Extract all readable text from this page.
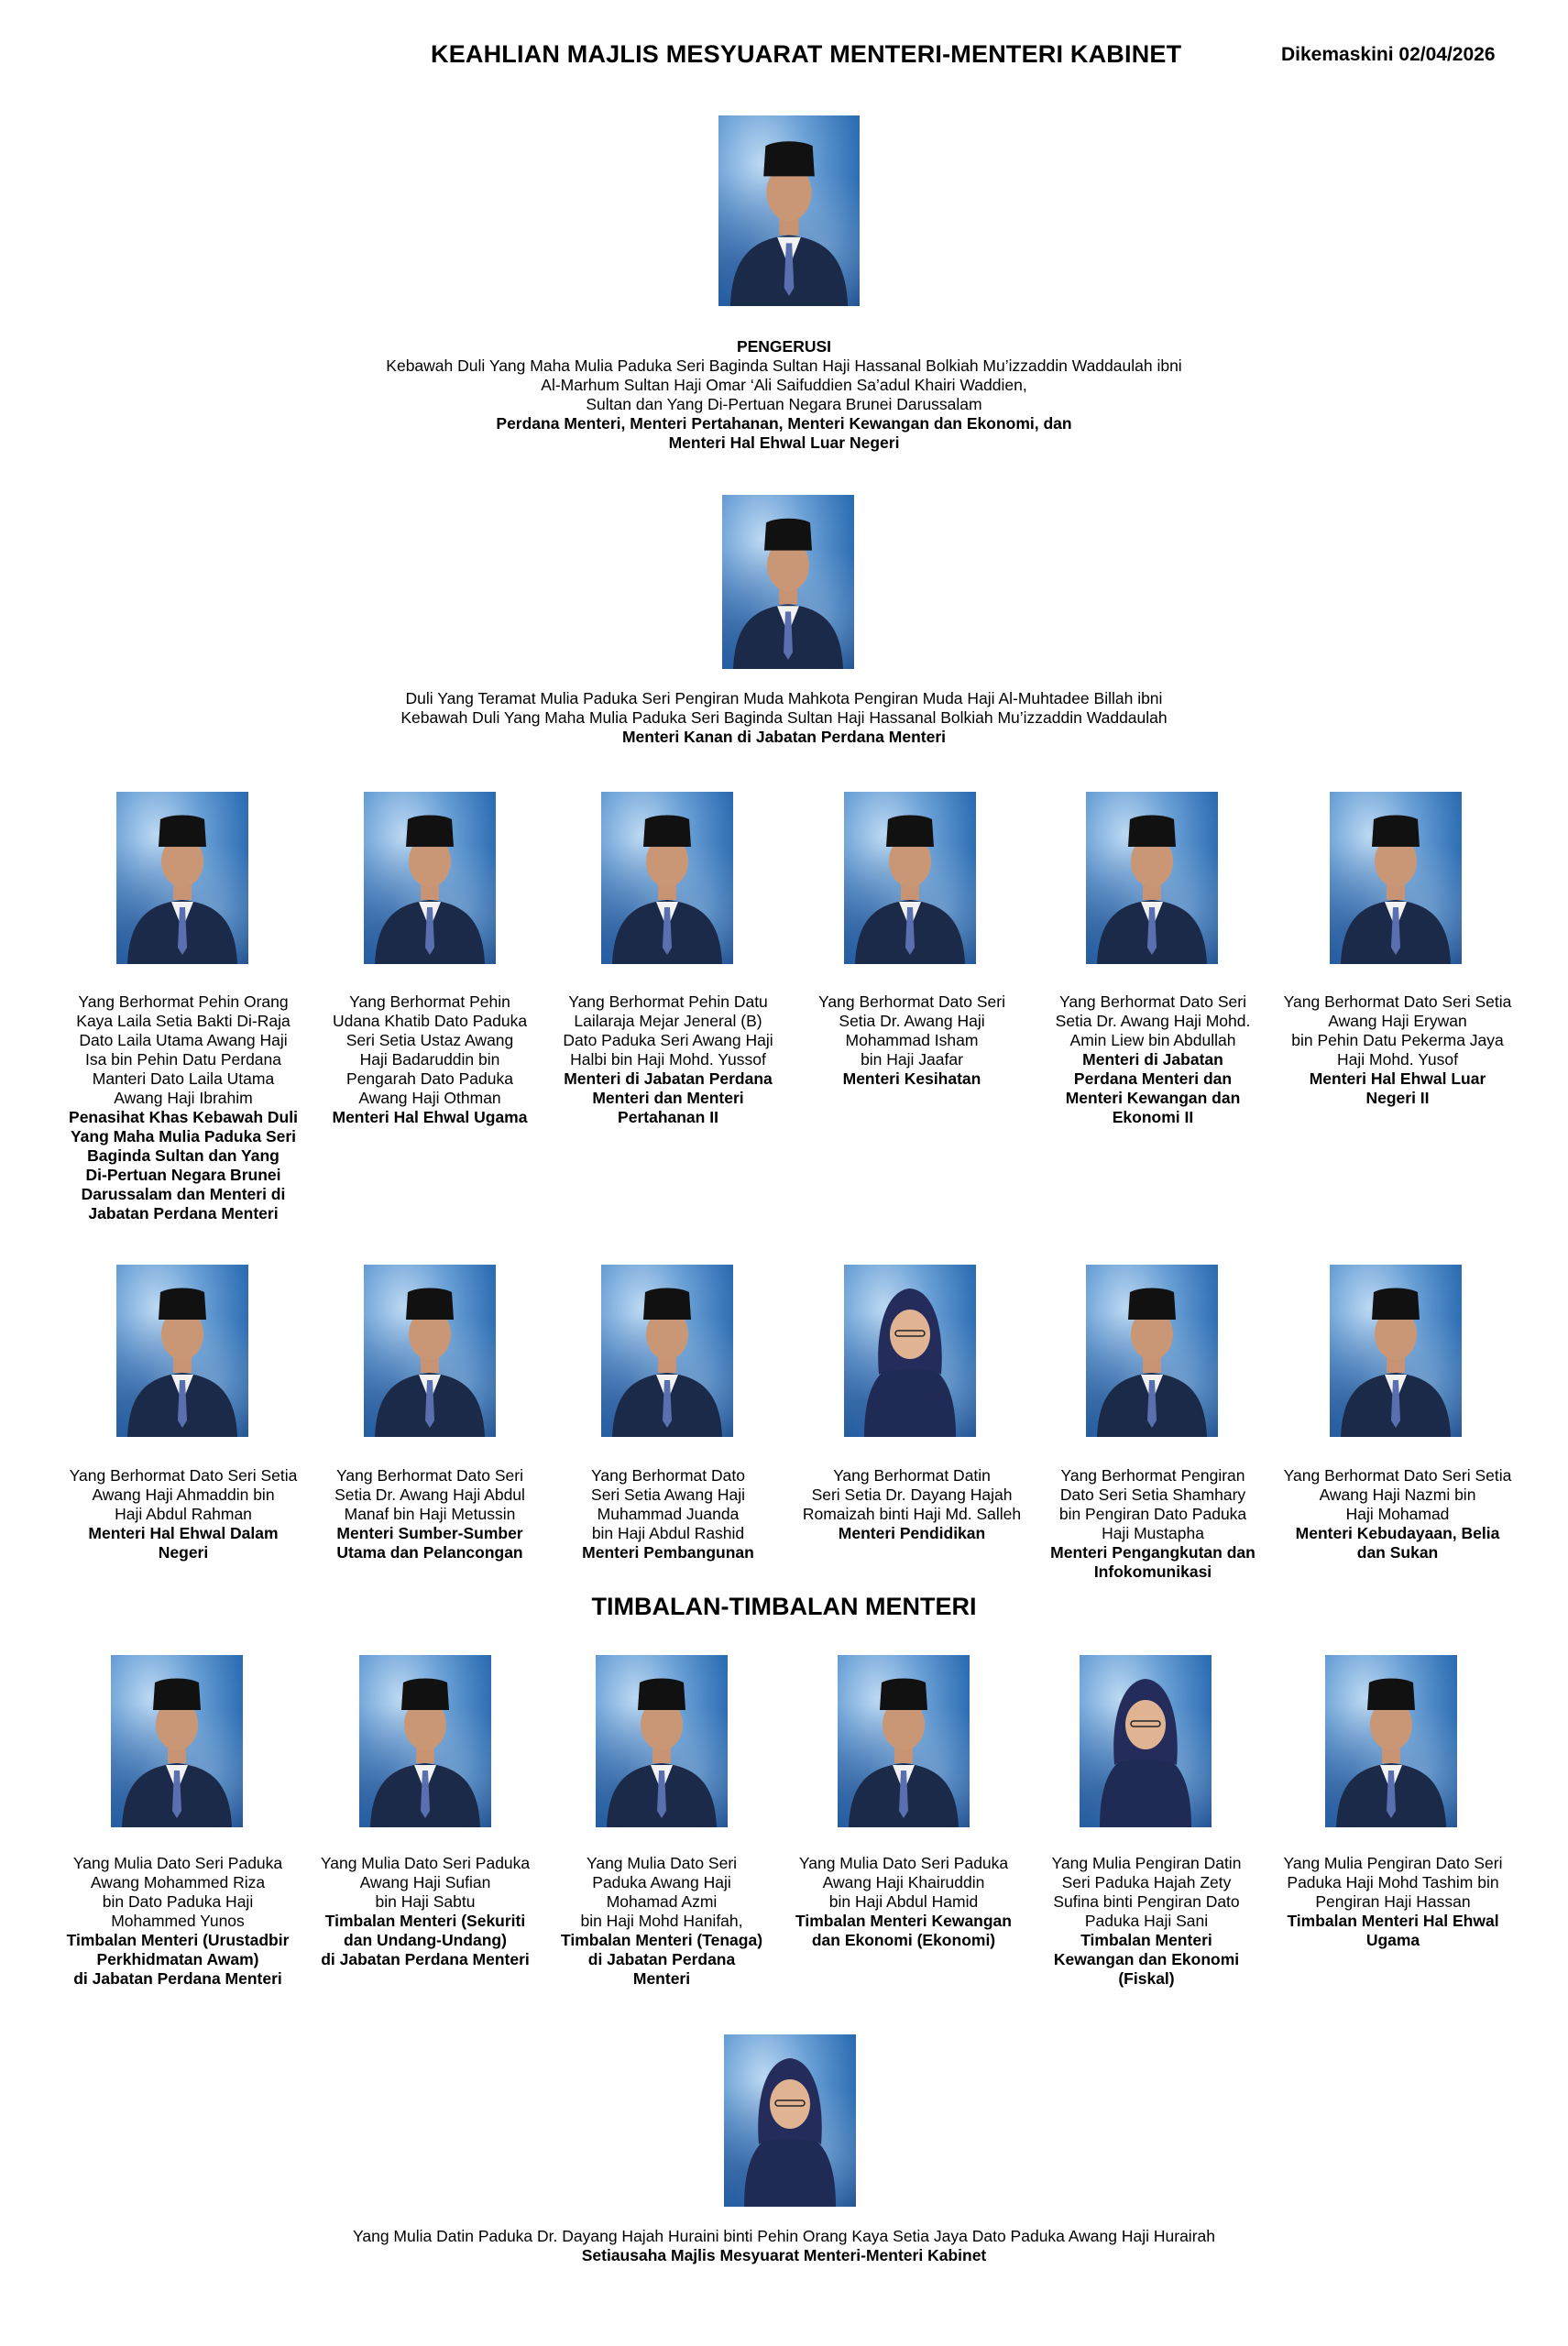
KEAHLIAN MAJLIS MESYUARAT MENTERI-MENTERI KABINET	Dikemaskini 02/04/2026
PENGERUSI
Kebawah Duli Yang Maha Mulia Paduka Seri Baginda Sultan Haji Hassanal Bolkiah Mu’izzaddin Waddaulah ibni
Al-Marhum Sultan Haji Omar ‘Ali Saifuddien Sa’adul Khairi Waddien,
Sultan dan Yang Di-Pertuan Negara Brunei Darussalam
Perdana Menteri, Menteri Pertahanan, Menteri Kewangan dan Ekonomi, dan
Menteri Hal Ehwal Luar Negeri
Duli Yang Teramat Mulia Paduka Seri Pengiran Muda Mahkota Pengiran Muda Haji Al-Muhtadee Billah ibni
Kebawah Duli Yang Maha Mulia Paduka Seri Baginda Sultan Haji Hassanal Bolkiah Mu’izzaddin Waddaulah
Menteri Kanan di Jabatan Perdana Menteri
Yang Berhormat Pehin Orang
Kaya Laila Setia Bakti Di-Raja
Dato Laila Utama Awang Haji
Isa bin Pehin Datu Perdana
Manteri Dato Laila Utama
Awang Haji Ibrahim
Penasihat Khas Kebawah Duli
Yang Maha Mulia Paduka Seri
Baginda Sultan dan Yang
Di-Pertuan Negara Brunei
Darussalam dan Menteri di
Jabatan Perdana Menteri
Yang Berhormat Pehin
Udana Khatib Dato Paduka
Seri Setia Ustaz Awang
Haji Badaruddin bin
Pengarah Dato Paduka
Awang Haji Othman
Menteri Hal Ehwal Ugama
Yang Berhormat Pehin Datu
Lailaraja Mejar Jeneral (B)
Dato Paduka Seri Awang Haji
Halbi bin Haji Mohd. Yussof
Menteri di Jabatan Perdana
Menteri dan Menteri
Pertahanan II
Yang Berhormat Dato Seri
Setia Dr. Awang Haji
Mohammad Isham
bin Haji Jaafar
Menteri Kesihatan
Yang Berhormat Dato Seri
Setia Dr. Awang Haji Mohd.
Amin Liew bin Abdullah
Menteri di Jabatan
Perdana Menteri dan
Menteri Kewangan dan
Ekonomi II
Yang Berhormat Dato Seri Setia
Awang Haji Erywan
bin Pehin Datu Pekerma Jaya
Haji Mohd. Yusof
Menteri Hal Ehwal Luar
Negeri II
Yang Berhormat Dato Seri Setia
Awang Haji Ahmaddin bin
Haji Abdul Rahman
Menteri Hal Ehwal Dalam
Negeri
Yang Berhormat Dato Seri
Setia Dr. Awang Haji Abdul
Manaf bin Haji Metussin
Menteri Sumber-Sumber
Utama dan Pelancongan
Yang Berhormat Dato
Seri Setia Awang Haji
Muhammad Juanda
bin Haji Abdul Rashid
Menteri Pembangunan
Yang Berhormat Datin
Seri Setia Dr. Dayang Hajah
Romaizah binti Haji Md. Salleh
Menteri Pendidikan
Yang Berhormat Pengiran
Dato Seri Setia Shamhary
bin Pengiran Dato Paduka
Haji Mustapha
Menteri Pengangkutan dan
Infokomunikasi
Yang Berhormat Dato Seri Setia
Awang Haji Nazmi bin
Haji Mohamad
Menteri Kebudayaan, Belia
dan Sukan
TIMBALAN-TIMBALAN MENTERI
Yang Mulia Dato Seri Paduka
Awang Mohammed Riza
bin Dato Paduka Haji
Mohammed Yunos
Timbalan Menteri (Urustadbir
Perkhidmatan Awam)
di Jabatan Perdana Menteri
Yang Mulia Dato Seri Paduka
Awang Haji Sufian
bin Haji Sabtu
Timbalan Menteri (Sekuriti
dan Undang-Undang)
di Jabatan Perdana Menteri
Yang Mulia Dato Seri
Paduka Awang Haji
Mohamad Azmi
bin Haji Mohd Hanifah,
Timbalan Menteri (Tenaga)
di Jabatan Perdana
Menteri
Yang Mulia Dato Seri Paduka
Awang Haji Khairuddin
bin Haji Abdul Hamid
Timbalan Menteri Kewangan
dan Ekonomi (Ekonomi)
Yang Mulia Pengiran Datin
Seri Paduka Hajah Zety
Sufina binti Pengiran Dato
Paduka Haji Sani
Timbalan Menteri
Kewangan dan Ekonomi
(Fiskal)
Yang Mulia Pengiran Dato Seri
Paduka Haji Mohd Tashim bin
Pengiran Haji Hassan
Timbalan Menteri Hal Ehwal
Ugama
Yang Mulia Datin Paduka Dr. Dayang Hajah Huraini binti Pehin Orang Kaya Setia Jaya Dato Paduka Awang Haji Hurairah
Setiausaha Majlis Mesyuarat Menteri-Menteri Kabinet
